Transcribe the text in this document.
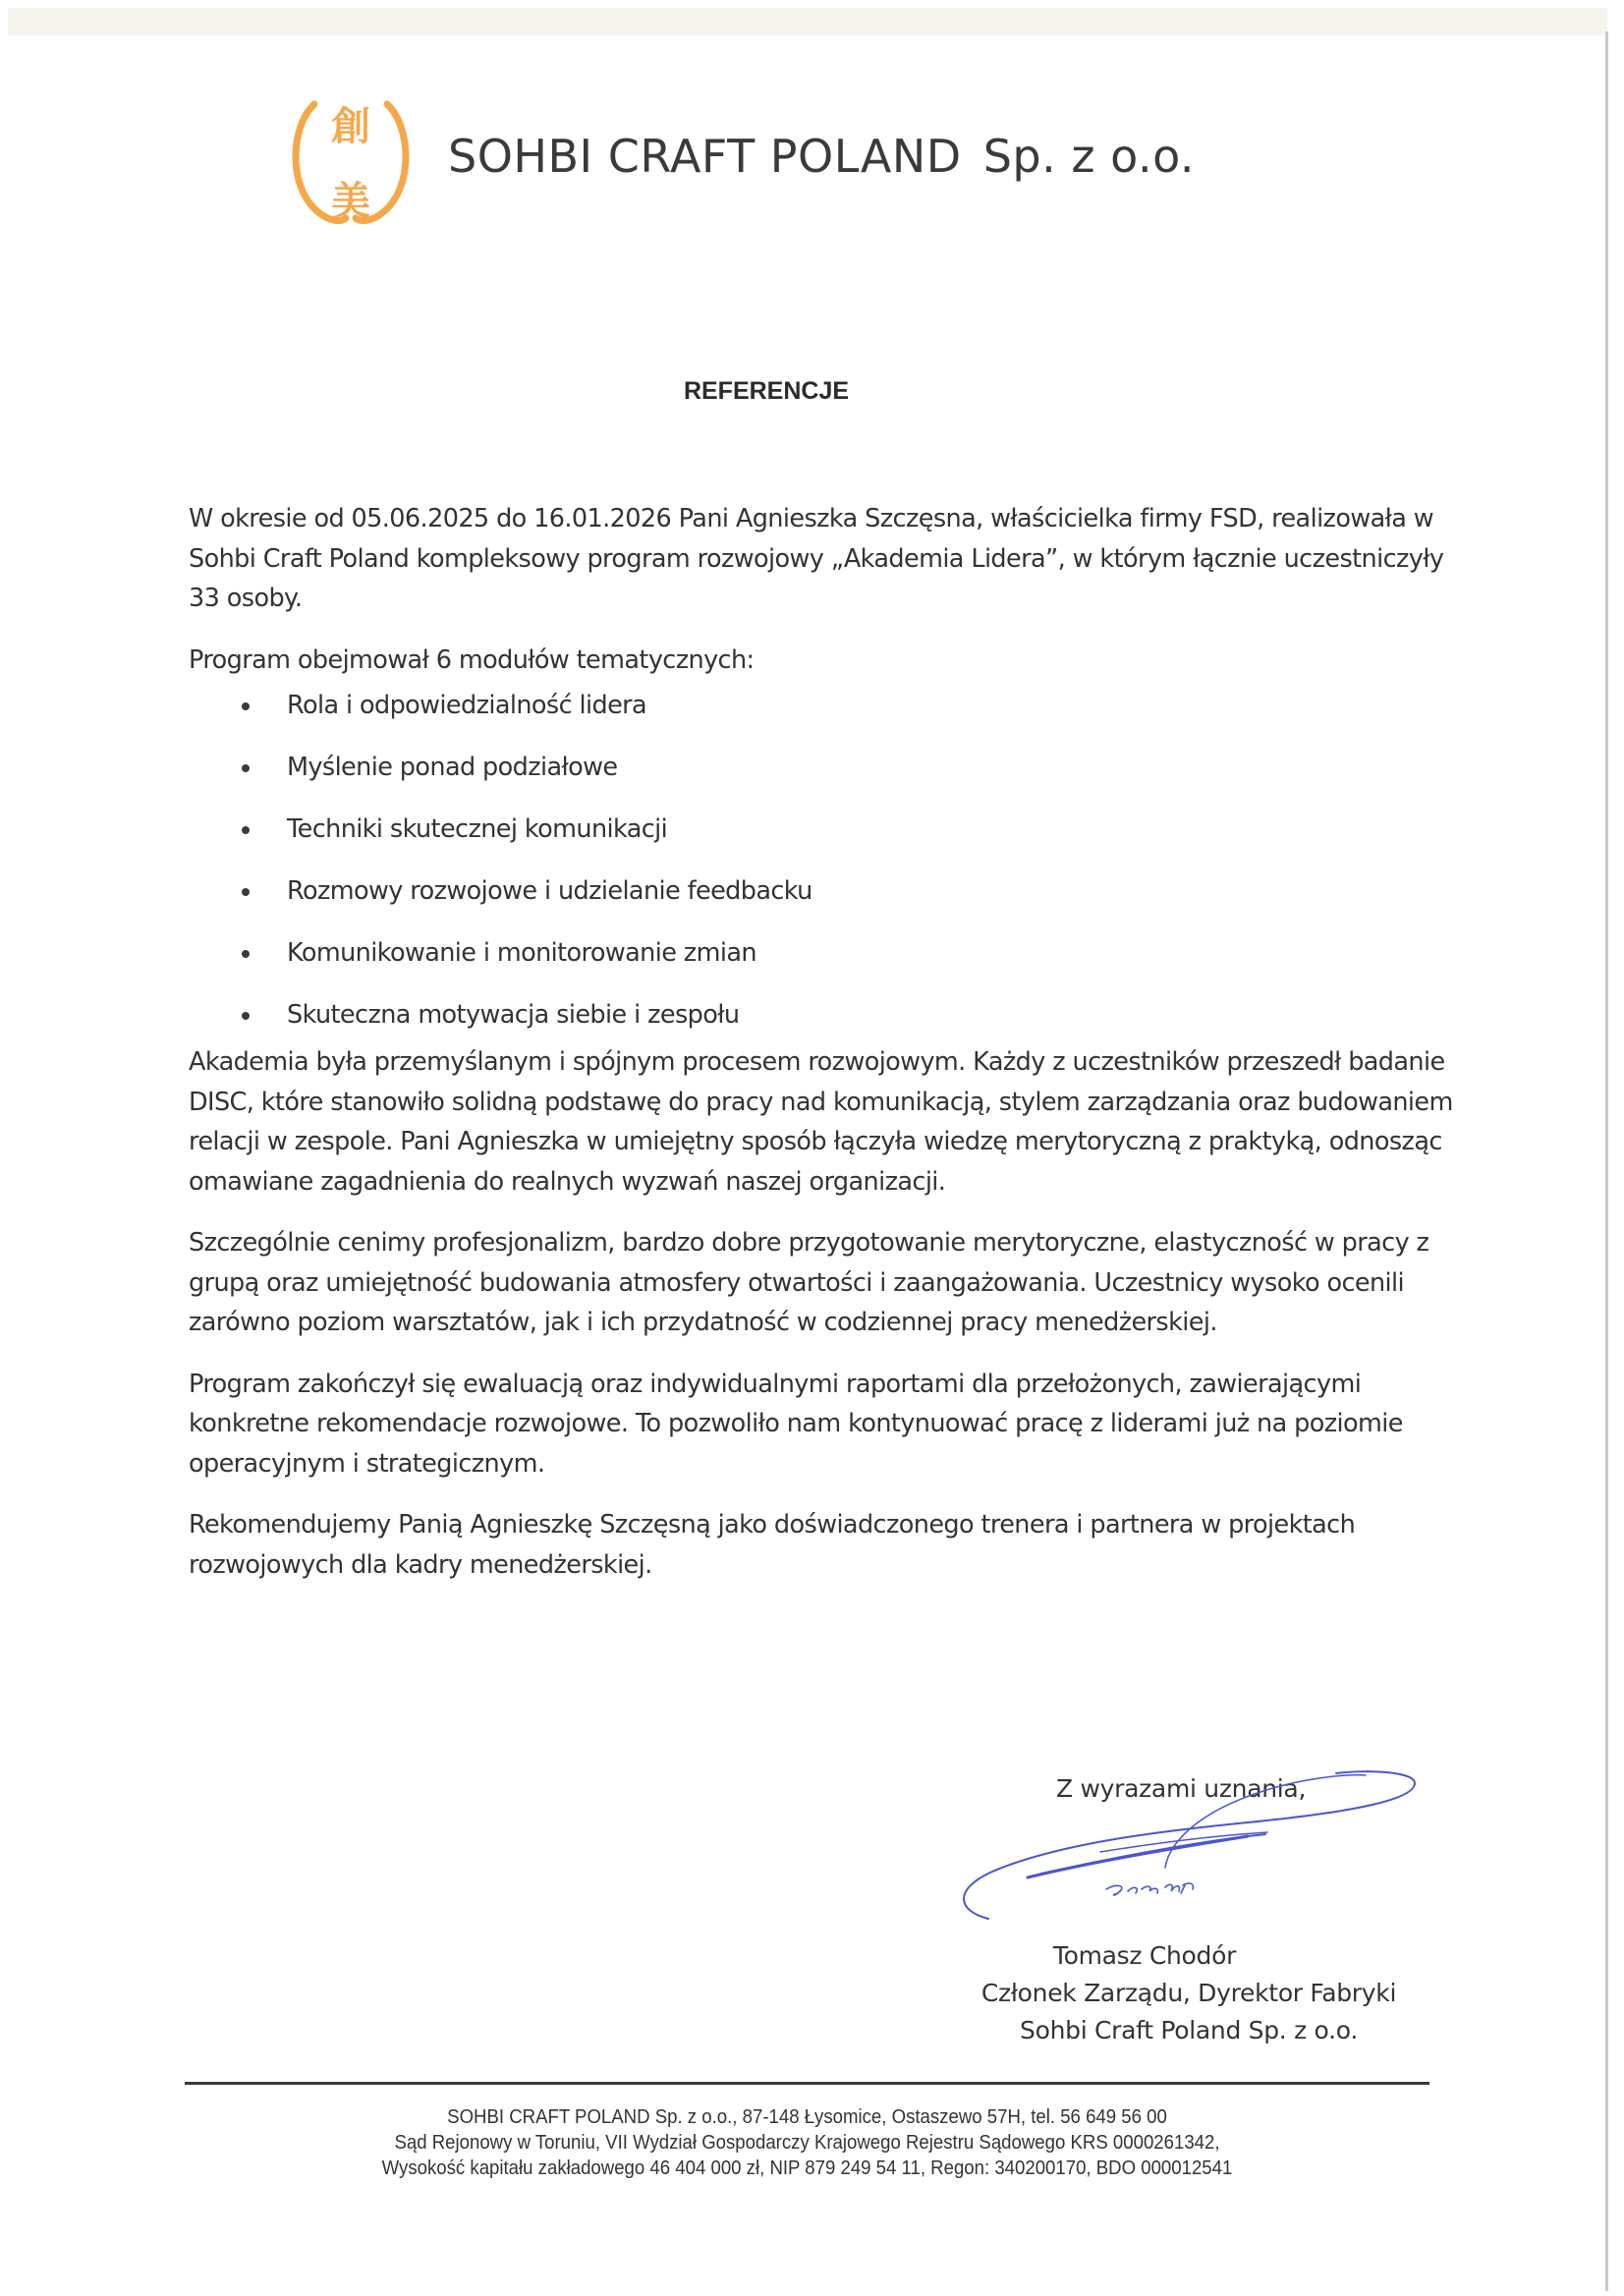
創
美
SOHBI CRAFT POLAND Sp. z o.o.
REFERENCJE

W okresie od 05.06.2025 do 16.01.2026 Pani Agnieszka Szczęsna, właścicielka firmy FSD, realizowała w Sohbi Craft Poland kompleksowy program rozwojowy „Akademia Lidera”, w którym łącznie uczestniczyły 33 osoby.

Program obejmował 6 modułów tematycznych:

Rola i odpowiedzialność lidera
Myślenie ponad podziałowe
Techniki skutecznej komunikacji
Rozmowy rozwojowe i udzielanie feedbacku
Komunikowanie i monitorowanie zmian
Skuteczna motywacja siebie i zespołu

Akademia była przemyślanym i spójnym procesem rozwojowym. Każdy z uczestników przeszedł badanie DISC, które stanowiło solidną podstawę do pracy nad komunikacją, stylem zarządzania oraz budowaniem relacji w zespole. Pani Agnieszka w umiejętny sposób łączyła wiedzę merytoryczną z praktyką, odnosząc omawiane zagadnienia do realnych wyzwań naszej organizacji.

Szczególnie cenimy profesjonalizm, bardzo dobre przygotowanie merytoryczne, elastyczność w pracy z grupą oraz umiejętność budowania atmosfery otwartości i zaangażowania. Uczestnicy wysoko ocenili zarówno poziom warsztatów, jak i ich przydatność w codziennej pracy menedżerskiej.

Program zakończył się ewaluacją oraz indywidualnymi raportami dla przełożonych, zawierającymi konkretne rekomendacje rozwojowe. To pozwoliło nam kontynuować pracę z liderami już na poziomie operacyjnym i strategicznym.

Rekomendujemy Panią Agnieszkę Szczęsną jako doświadczonego trenera i partnera w projektach rozwojowych dla kadry menedżerskiej.

Z wyrazami uznania,
Tomasz Chodór
Członek Zarządu, Dyrektor Fabryki
Sohbi Craft Poland Sp. z o.o.
SOHBI CRAFT POLAND Sp. z o.o., 87-148 Łysomice, Ostaszewo 57H, tel. 56 649 56 00
Sąd Rejonowy w Toruniu, VII Wydział Gospodarczy Krajowego Rejestru Sądowego KRS 0000261342,
Wysokość kapitału zakładowego 46 404 000 zł, NIP 879 249 54 11, Regon: 340200170, BDO 000012541
